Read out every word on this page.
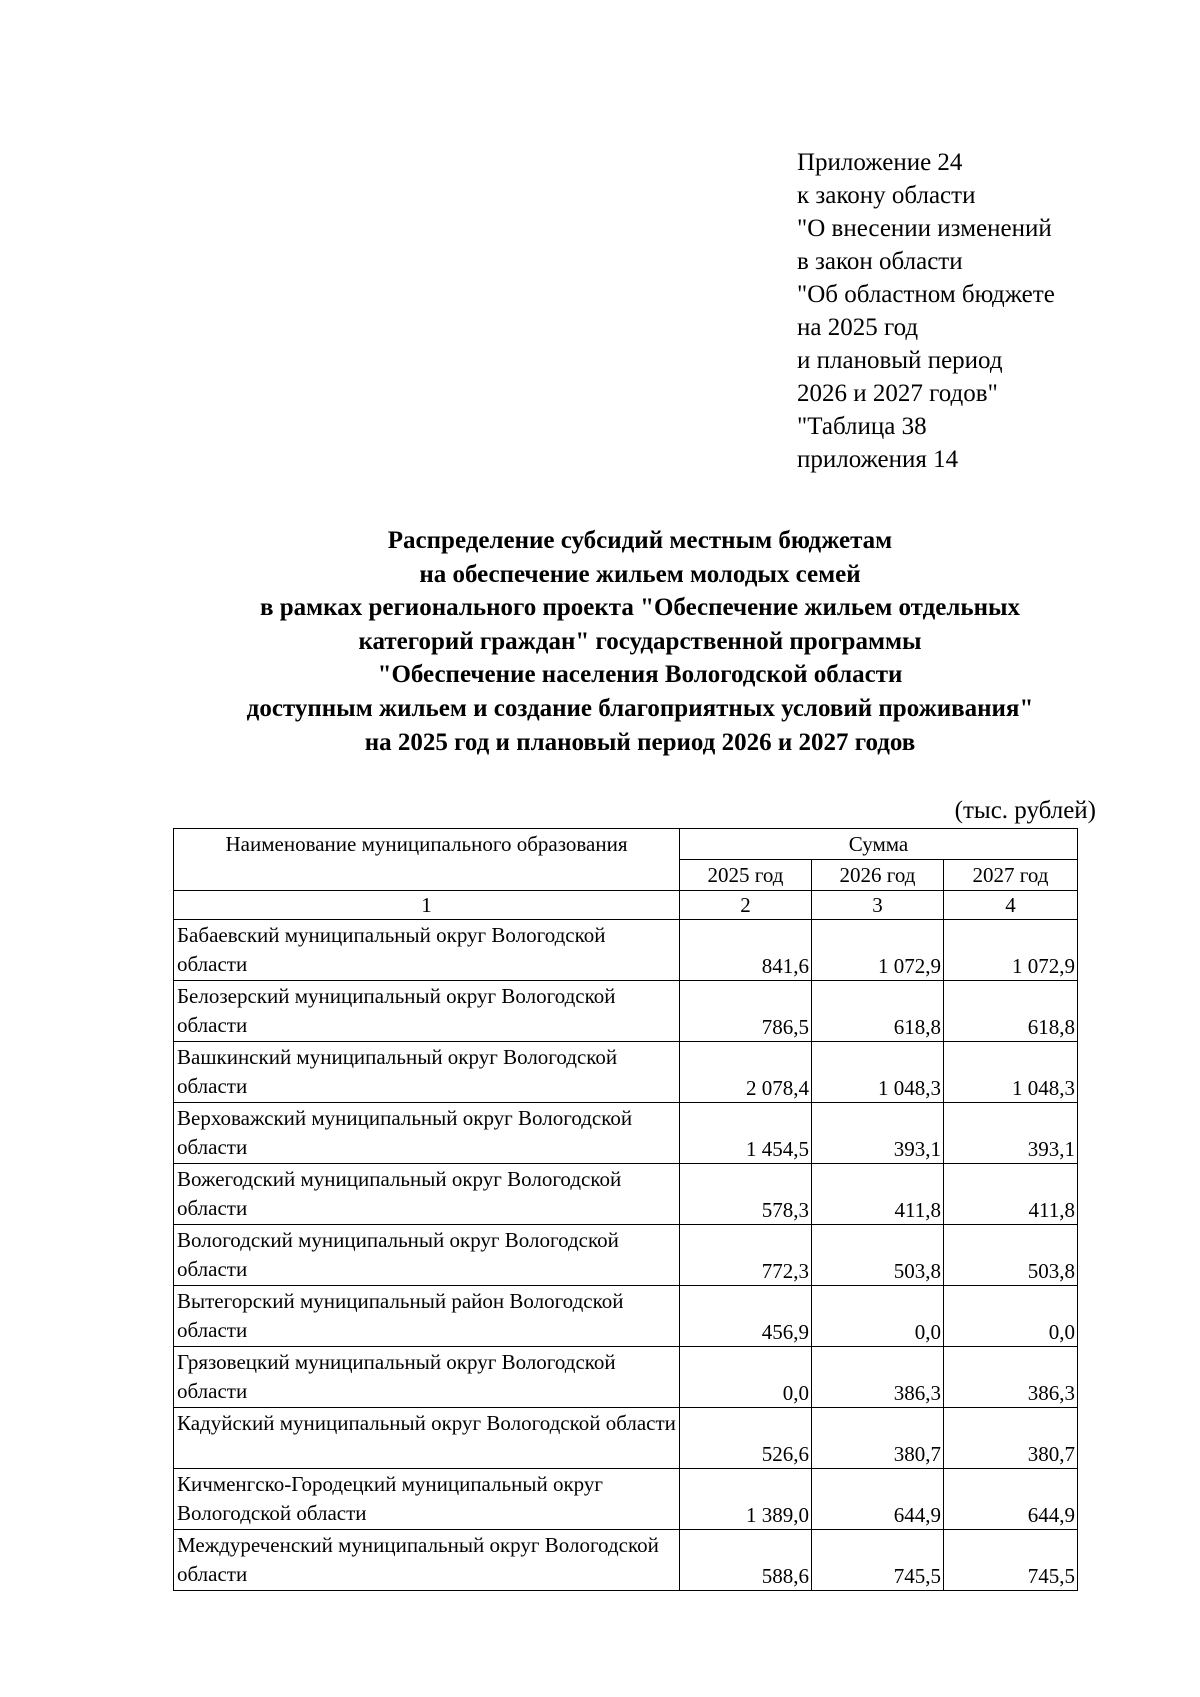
Приложение 24
к закону области
"О внесении изменений
в закон области
"Об областном бюджете
на 2025 год
и плановый период
2026 и 2027 годов"
"Таблица 38
приложения 14
Распределение субсидий местным бюджетам
на обеспечение жильем молодых семей
в рамках регионального проекта "Обеспечение жильем отдельных
категорий граждан" государственной программы
"Обеспечение населения Вологодской области
доступным жильем и создание благоприятных условий проживания"
на 2025 год и плановый период 2026 и 2027 годов
(тыс. рублей)
Наименование муниципального образования	Сумма		
	2025 год	2026 год	2027 год
1	2	3	4
Бабаевский муниципальный округ Вологодской области	841,6	1 072,9	1 072,9
Белозерский муниципальный округ Вологодской области	786,5	618,8	618,8
Вашкинский муниципальный округ Вологодской области	2 078,4	1 048,3	1 048,3
Верховажский муниципальный округ Вологодской области	1 454,5	393,1	393,1
Вожегодский муниципальный округ Вологодской области	578,3	411,8	411,8
Вологодский муниципальный округ Вологодской области	772,3	503,8	503,8
Вытегорский муниципальный район Вологодской области	456,9	0,0	0,0
Грязовецкий муниципальный округ Вологодской области	0,0	386,3	386,3
Кадуйский муниципальный округ Вологодской области	526,6	380,7	380,7
Кичменгско-Городецкий муниципальный округ Вологодской области	1 389,0	644,9	644,9
Междуреченский муниципальный округ Вологодской области	588,6	745,5	745,5
